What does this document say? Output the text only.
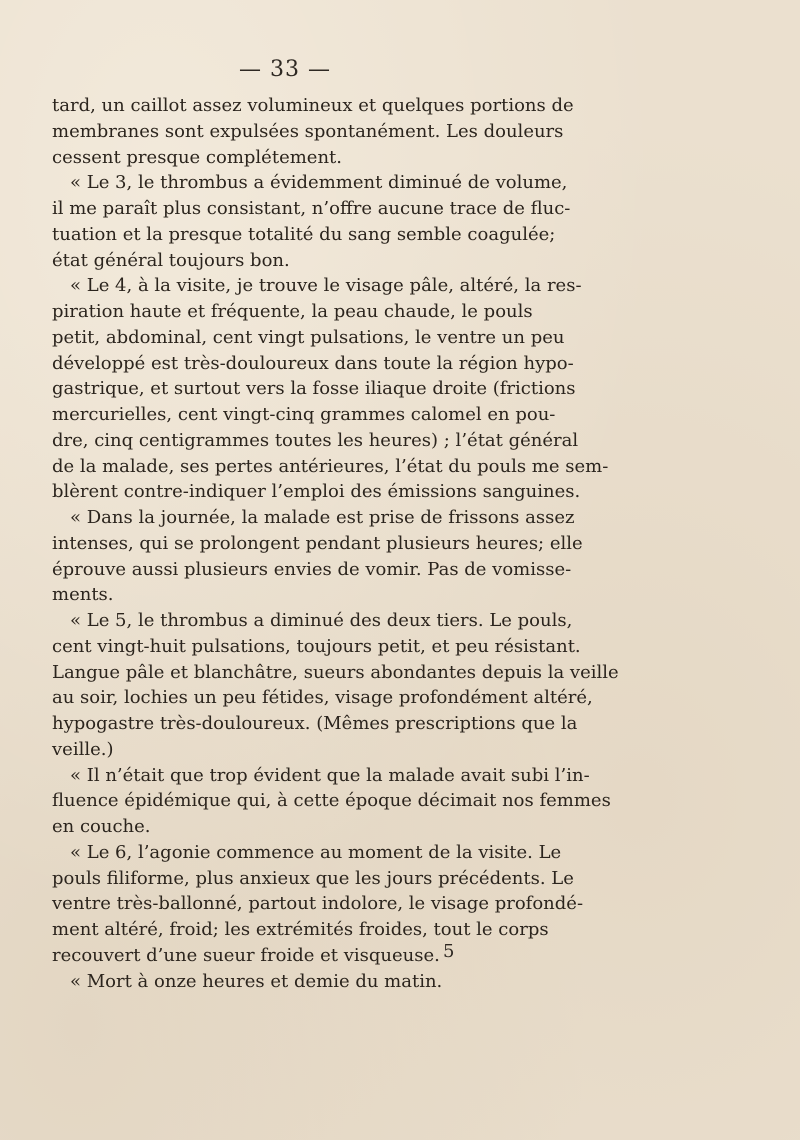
— 33 —
tard, un caillot assez volumineux et quelques portions de
membranes sont expulsées spontanément. Les douleurs
cessent presque complétement.
« Le 3, le thrombus a évidemment diminué de volume,
il me paraît plus consistant, n’offre aucune trace de fluc-
tuation et la presque totalité du sang semble coagulée;
état général toujours bon.
« Le 4, à la visite, je trouve le visage pâle, altéré, la res-
piration haute et fréquente, la peau chaude, le pouls
petit, abdominal, cent vingt pulsations, le ventre un peu
développé est très-douloureux dans toute la région hypo-
gastrique, et surtout vers la fosse iliaque droite (frictions
mercurielles, cent vingt-cinq grammes calomel en pou-
dre, cinq centigrammes toutes les heures) ; l’état général
de la malade, ses pertes antérieures, l’état du pouls me sem-
blèrent contre-indiquer l’emploi des émissions sanguines.
« Dans la journée, la malade est prise de frissons assez
intenses, qui se prolongent pendant plusieurs heures; elle
éprouve aussi plusieurs envies de vomir. Pas de vomisse-
ments.
« Le 5, le thrombus a diminué des deux tiers. Le pouls,
cent vingt-huit pulsations, toujours petit, et peu résistant.
Langue pâle et blanchâtre, sueurs abondantes depuis la veille
au soir, lochies un peu fétides, visage profondément altéré,
hypogastre très-douloureux. (Mêmes prescriptions que la
veille.)
« Il n’était que trop évident que la malade avait subi l’in-
fluence épidémique qui, à cette époque décimait nos femmes
en couche.
« Le 6, l’agonie commence au moment de la visite. Le
pouls filiforme, plus anxieux que les jours précédents. Le
ventre très-ballonné, partout indolore, le visage profondé-
ment altéré, froid; les extrémités froides, tout le corps
recouvert d’une sueur froide et visqueuse.
« Mort à onze heures et demie du matin.
5
